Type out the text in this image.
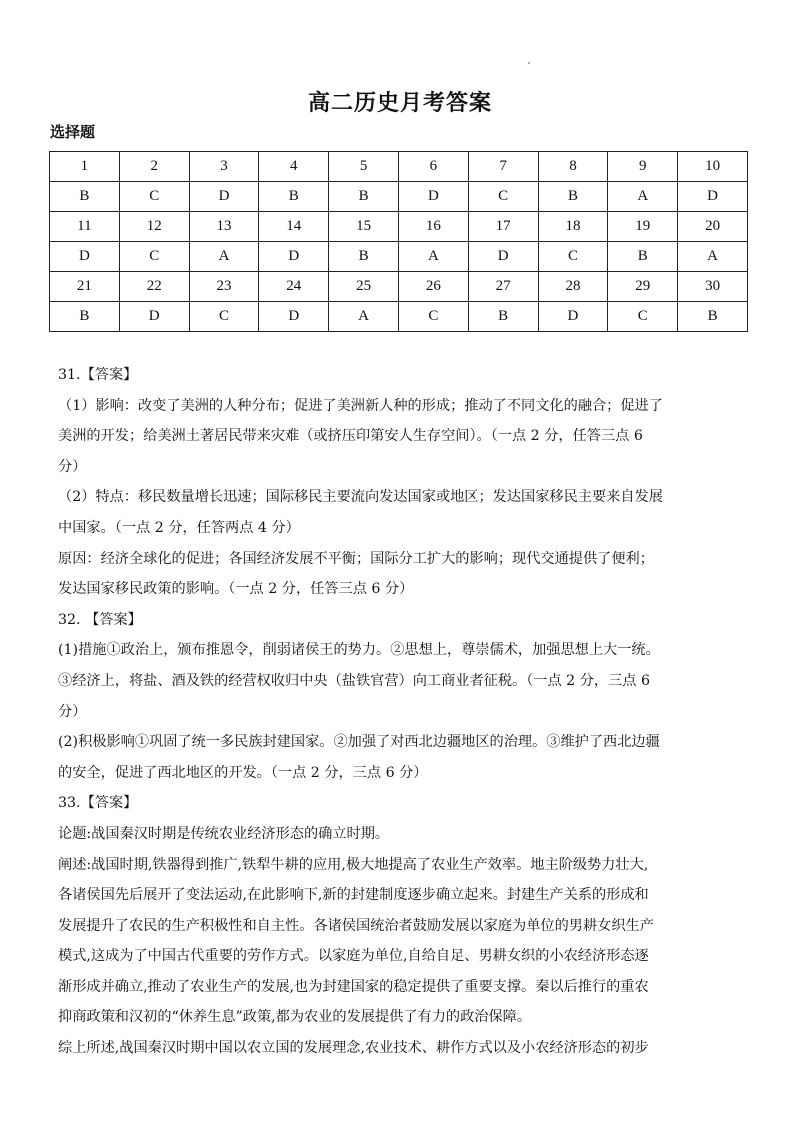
高二历史月考答案
选择题
1	2	3	4	5	6	7	8	9	10
B	C	D	B	B	D	C	B	A	D
11	12	13	14	15	16	17	18	19	20
D	C	A	D	B	A	D	C	B	A
21	22	23	24	25	26	27	28	29	30
B	D	C	D	A	C	B	D	C	B

31.【答案】

（1）影响：改变了美洲的人种分布；促进了美洲新人种的形成；推动了不同文化的融合；促进了

美洲的开发；给美洲土著居民带来灾难（或挤压印第安人生存空间）。（一点 2 分，任答三点 6

分）

（2）特点：移民数量增长迅速；国际移民主要流向发达国家或地区；发达国家移民主要来自发展

中国家。（一点 2 分，任答两点 4 分）

原因：经济全球化的促进；各国经济发展不平衡；国际分工扩大的影响；现代交通提供了便利；

发达国家移民政策的影响。（一点 2 分，任答三点 6 分）

32. 【答案】

(1)措施①政治上，颁布推恩令，削弱诸侯王的势力。②思想上，尊崇儒术，加强思想上大一统。

③经济上，将盐、酒及铁的经营权收归中央（盐铁官营）向工商业者征税。（一点 2 分，三点 6

分）

(2)积极影响①巩固了统一多民族封建国家。②加强了对西北边疆地区的治理。③维护了西北边疆

的安全，促进了西北地区的开发。（一点 2 分，三点 6 分）

33.【答案】

论题:战国秦汉时期是传统农业经济形态的确立时期。

阐述:战国时期,铁器得到推广,铁犁牛耕的应用,极大地提高了农业生产效率。地主阶级势力壮大,

各诸侯国先后展开了变法运动,在此影响下,新的封建制度逐步确立起来。封建生产关系的形成和

发展提升了农民的生产积极性和自主性。各诸侯国统治者鼓励发展以家庭为单位的男耕女织生产

模式,这成为了中国古代重要的劳作方式。以家庭为单位,自给自足、男耕女织的小农经济形态逐

渐形成并确立,推动了农业生产的发展,也为封建国家的稳定提供了重要支撑。秦以后推行的重农

抑商政策和汉初的“休养生息”政策,都为农业的发展提供了有力的政治保障。

综上所述,战国秦汉时期中国以农立国的发展理念,农业技术、耕作方式以及小农经济形态的初步
